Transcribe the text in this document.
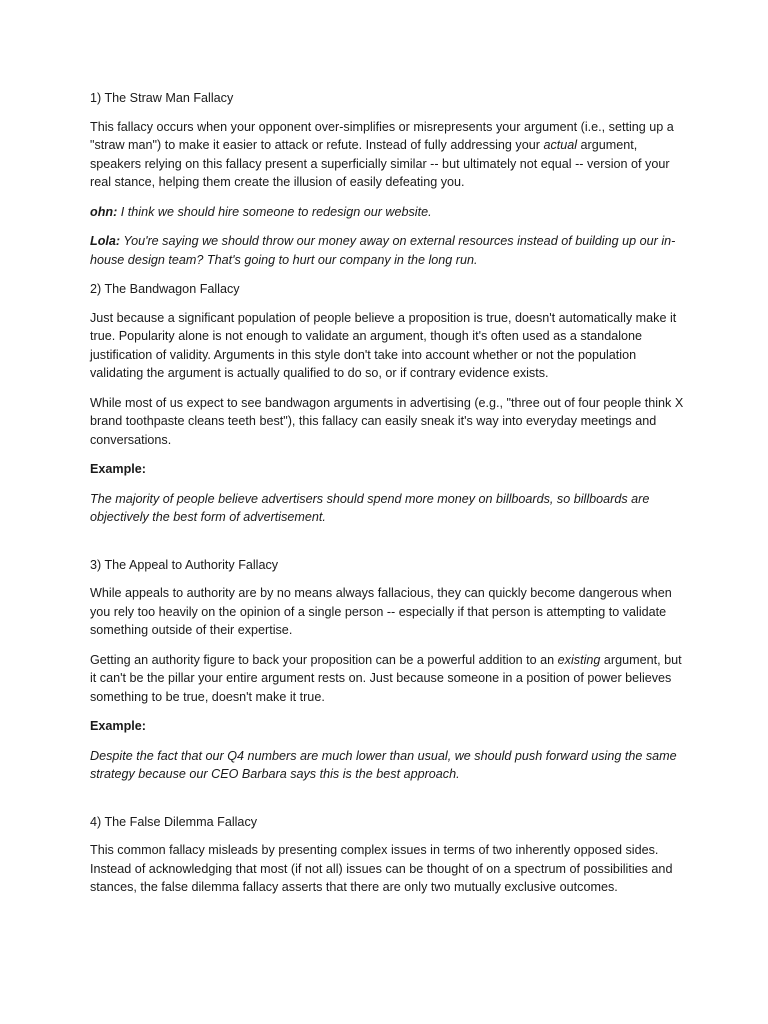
1) The Straw Man Fallacy

This fallacy occurs when your opponent over-simplifies or misrepresents your argument (i.e., setting up a "straw man") to make it easier to attack or refute. Instead of fully addressing your actual argument, speakers relying on this fallacy present a superficially similar -- but ultimately not equal -- version of your real stance, helping them create the illusion of easily defeating you.

ohn: I think we should hire someone to redesign our website.

Lola: You're saying we should throw our money away on external resources instead of building up our in-house design team? That's going to hurt our company in the long run.

2) The Bandwagon Fallacy

Just because a significant population of people believe a proposition is true, doesn't automatically make it true. Popularity alone is not enough to validate an argument, though it's often used as a standalone justification of validity. Arguments in this style don't take into account whether or not the population validating the argument is actually qualified to do so, or if contrary evidence exists.

While most of us expect to see bandwagon arguments in advertising (e.g., "three out of four people think X brand toothpaste cleans teeth best"), this fallacy can easily sneak it's way into everyday meetings and conversations.

Example:

The majority of people believe advertisers should spend more money on billboards, so billboards are objectively the best form of advertisement.

3) The Appeal to Authority Fallacy

While appeals to authority are by no means always fallacious, they can quickly become dangerous when you rely too heavily on the opinion of a single person -- especially if that person is attempting to validate something outside of their expertise.

Getting an authority figure to back your proposition can be a powerful addition to an existing argument, but it can't be the pillar your entire argument rests on. Just because someone in a position of power believes something to be true, doesn't make it true.

Example:

Despite the fact that our Q4 numbers are much lower than usual, we should push forward using the same strategy because our CEO Barbara says this is the best approach.

4) The False Dilemma Fallacy

This common fallacy misleads by presenting complex issues in terms of two inherently opposed sides. Instead of acknowledging that most (if not all) issues can be thought of on a spectrum of possibilities and stances, the false dilemma fallacy asserts that there are only two mutually exclusive outcomes.
